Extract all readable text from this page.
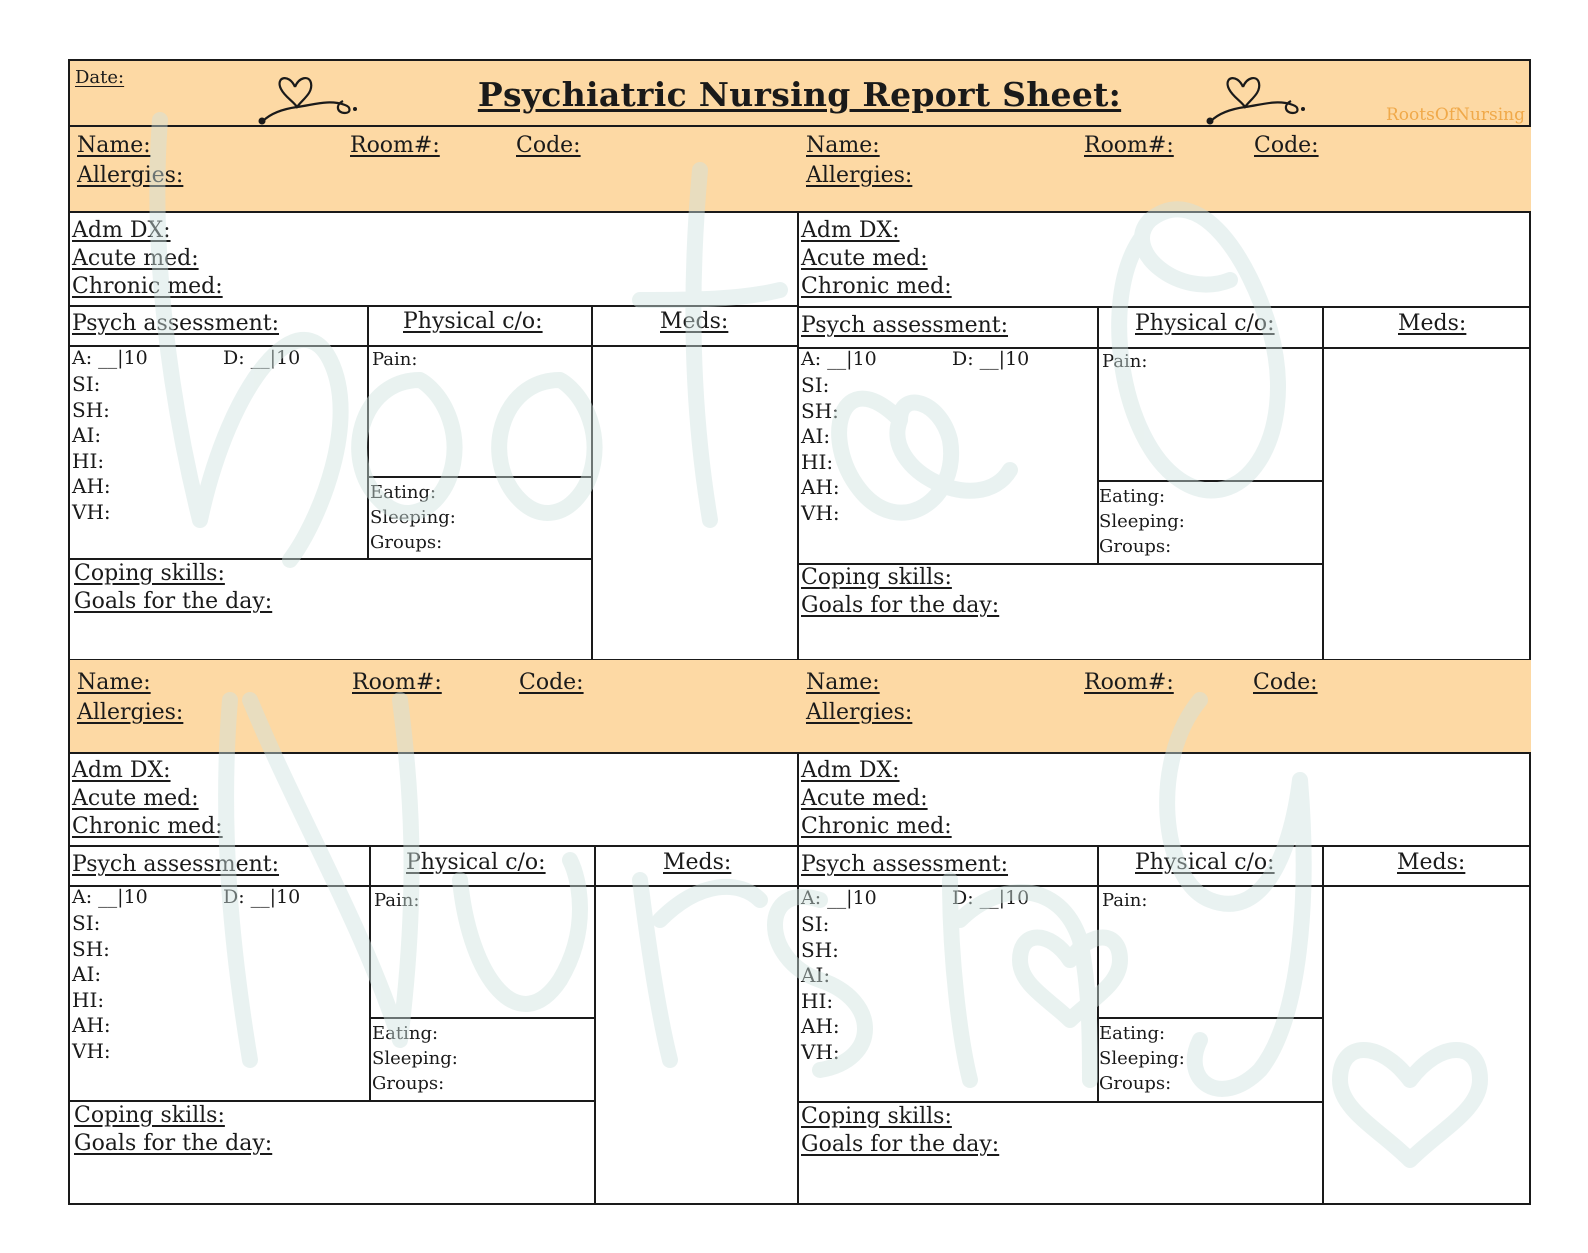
Date:	Psychiatric Nursing Report Sheet:
RootsOfNursing
Name:	Room#:	Code:
Allergies:
Adm DX:
Acute med:
Chronic med:
Psych assessment:	Physical c/o:	Meds:
A: __|10	D: __|10
SI:
SH:
AI:
HI:
AH:
VH:
Pain:
Eating:
Sleeping:
Groups:
Coping skills:
Goals for the day:
Name:	Room#:	Code:
Allergies:
Adm DX:
Acute med:
Chronic med:
Psych assessment:	Physical c/o:	Meds:
A: __|10	D: __|10
SI:
SH:
AI:
HI:
AH:
VH:
Pain:
Eating:
Sleeping:
Groups:
Coping skills:
Goals for the day:
Name:	Room#:	Code:
Allergies:
Adm DX:
Acute med:
Chronic med:
Psych assessment:	Physical c/o:	Meds:
A: __|10	D: __|10
SI:
SH:
AI:
HI:
AH:
VH:
Pain:
Eating:
Sleeping:
Groups:
Coping skills:
Goals for the day:
Name:	Room#:	Code:
Allergies:
Adm DX:
Acute med:
Chronic med:
Psych assessment:	Physical c/o:	Meds:
A: __|10	D: __|10
SI:
SH:
AI:
HI:
AH:
VH:
Pain:
Eating:
Sleeping:
Groups:
Coping skills:
Goals for the day:
